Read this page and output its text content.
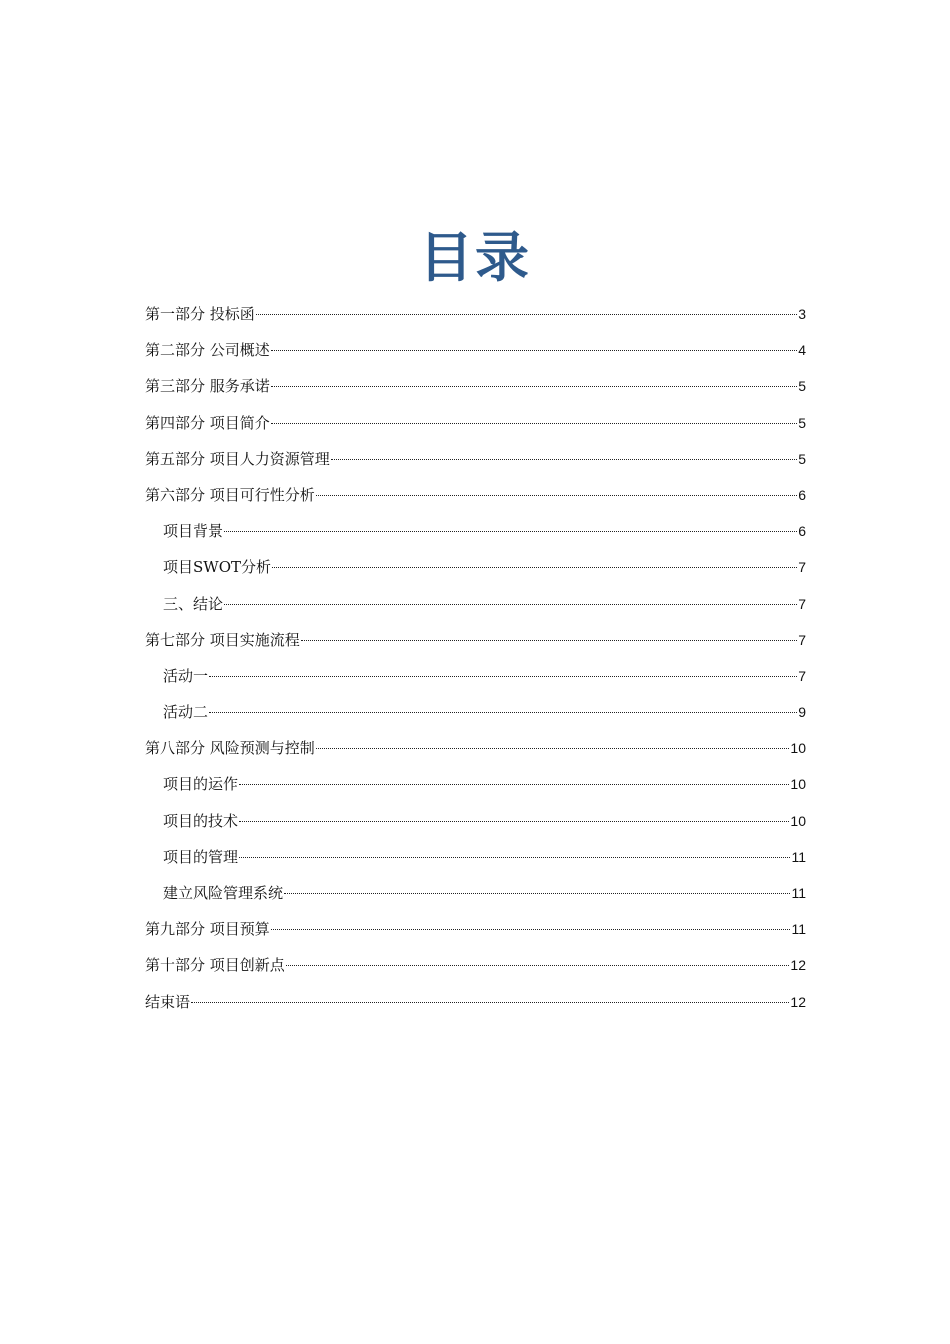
目录
第一部分 投标函	3
第二部分 公司概述	4
第三部分 服务承诺	5
第四部分 项目简介	5
第五部分 项目人力资源管理	5
第六部分 项目可行性分析	6
项目背景	6
项目SWOT分析	7
三、结论	7
第七部分 项目实施流程	7
活动一	7
活动二	9
第八部分 风险预测与控制	10
项目的运作	10
项目的技术	10
项目的管理	11
建立风险管理系统	11
第九部分 项目预算	11
第十部分 项目创新点	12
结束语	12
